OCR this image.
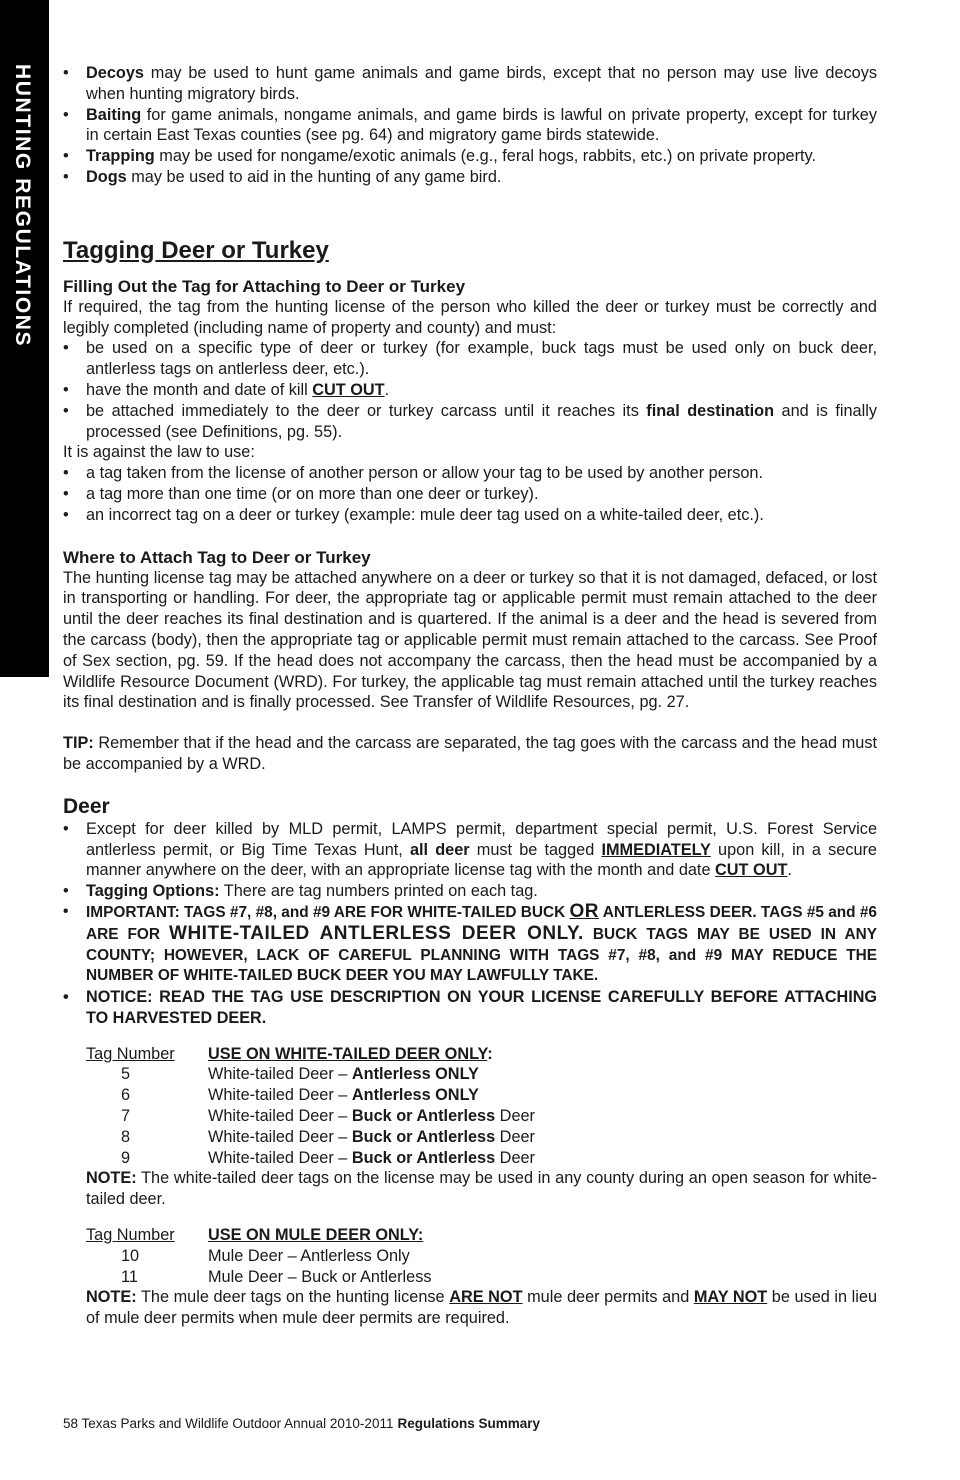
HUNTING REGULATIONS
•	Decoys may be used to hunt game animals and game birds, except that no person may use live decoys when hunting migratory birds.
• Baiting for game animals, nongame animals, and game birds is lawful on private property, except for turkey in certain East Texas counties (see pg. 64) and migratory game birds statewide.
• Trapping may be used for nongame/exotic animals (e.g., feral hogs, rabbits, etc.) on private property.
• Dogs may be used to aid in the hunting of any game bird.
Tagging Deer or Turkey
Filling Out the Tag for Attaching to Deer or Turkey

If required, the tag from the hunting license of the person who killed the deer or turkey must be correctly and legibly completed (including name of property and county) and must:

• be used on a specific type of deer or turkey (for example, buck tags must be used only on buck deer, antlerless tags on antlerless deer, etc.).
• have the month and date of kill CUT OUT.
• be attached immediately to the deer or turkey carcass until it reaches its final destination and is finally processed (see Definitions, pg. 55).

It is against the law to use:

• a tag taken from the license of another person or allow your tag to be used by another person.
• a tag more than one time (or on more than one deer or turkey).
• an incorrect tag on a deer or turkey (example: mule deer tag used on a white-tailed deer, etc.).
Where to Attach Tag to Deer or Turkey

The hunting license tag may be attached anywhere on a deer or turkey so that it is not damaged, defaced, or lost in transporting or handling. For deer, the appropriate tag or applicable permit must remain attached to the deer until the deer reaches its final destination and is quartered. If the animal is a deer and the head is severed from the carcass (body), then the appropriate tag or applicable permit must remain attached to the carcass. See Proof of Sex section, pg. 59. If the head does not accompany the carcass, then the head must be accompanied by a Wildlife Resource Document (WRD). For turkey, the applicable tag must remain attached until the turkey reaches its final destination and is finally processed. See Transfer of Wildlife Resources, pg. 27.

TIP: Remember that if the head and the carcass are separated, the tag goes with the carcass and the head must be accompanied by a WRD.

Deer
• Except for deer killed by MLD permit, LAMPS permit, department special permit, U.S. Forest Service antlerless permit, or Big Time Texas Hunt, all deer must be tagged IMMEDIATELY upon kill, in a secure manner anywhere on the deer, with an appropriate license tag with the month and date CUT OUT.
• Tagging Options: There are tag numbers printed on each tag.
• IMPORTANT: TAGS #7, #8, and #9 ARE FOR WHITE-TAILED BUCK OR ANTLERLESS DEER. TAGS #5 and #6 ARE FOR WHITE-TAILED ANTLERLESS DEER ONLY. BUCK TAGS MAY BE USED IN ANY COUNTY; HOWEVER, LACK OF CAREFUL PLANNING WITH TAGS #7, #8, and #9 MAY REDUCE THE NUMBER OF WHITE-TAILED BUCK DEER YOU MAY LAWFULLY TAKE.
• NOTICE: READ THE TAG USE DESCRIPTION ON YOUR LICENSE CAREFULLY BEFORE ATTACHING TO HARVESTED DEER.
Tag Number	USE ON WHITE-TAILED DEER ONLY:
5	White-tailed Deer – Antlerless ONLY
6	White-tailed Deer – Antlerless ONLY
7	White-tailed Deer – Buck or Antlerless Deer
8	White-tailed Deer – Buck or Antlerless Deer
9	White-tailed Deer – Buck or Antlerless Deer

NOTE: The white-tailed deer tags on the license may be used in any county during an open season for white-tailed deer.

Tag Number	USE ON MULE DEER ONLY:
10	Mule Deer – Antlerless Only
11	Mule Deer – Buck or Antlerless

NOTE: The mule deer tags on the hunting license ARE NOT mule deer permits and MAY NOT be used in lieu of mule deer permits when mule deer permits are required.

58 Texas Parks and Wildlife Outdoor Annual 2010-2011 Regulations Summary
